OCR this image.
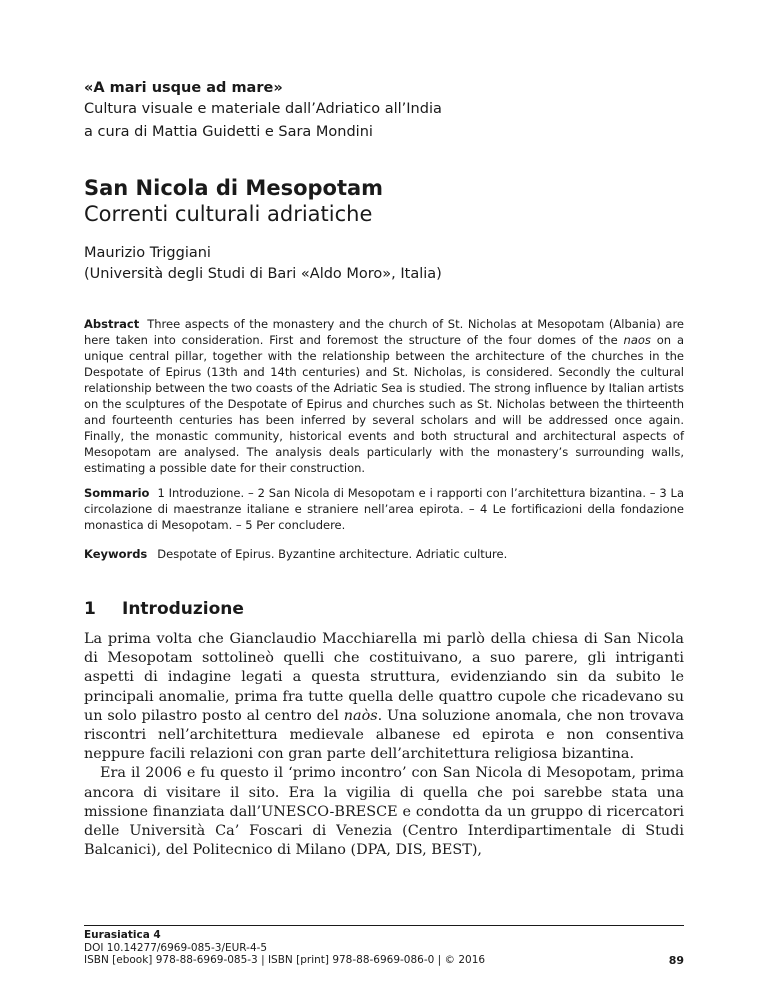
«A mari usque ad mare»
Cultura visuale e materiale dall’Adriatico all’India
a cura di Mattia Guidetti e Sara Mondini
San Nicola di Mesopotam
Correnti culturali adriatiche
Maurizio Triggiani
(Università degli Studi di Bari «Aldo Moro», Italia)
Abstract Three aspects of the monastery and the church of St. Nicholas at Mesopotam (Albania) are here taken into consideration. First and foremost the structure of the four domes of the naos on a unique central pillar, together with the relationship between the architecture of the churches in the Despotate of Epirus (13th and 14th centuries) and St. Nicholas, is considered. Secondly the cultural relationship between the two coasts of the Adriatic Sea is studied. The strong influence by Italian artists on the sculptures of the Despotate of Epirus and churches such as St. Nicholas between the thirteenth and fourteenth centuries has been inferred by several scholars and will be addressed once again. Finally, the monastic community, historical events and both structural and architectural aspects of Mesopotam are analysed. The analysis deals particularly with the monastery’s surrounding walls, estimating a possible date for their construction.
Sommario 1 Introduzione. – 2 San Nicola di Mesopotam e i rapporti con l’architettura bizantina. – 3 La circolazione di maestranze italiane e straniere nell’area epirota. – 4 Le fortificazioni della fondazione monastica di Mesopotam. – 5 Per concludere.
Keywords Despotate of Epirus. Byzantine architecture. Adriatic culture.
1 Introduzione

La prima volta che Gianclaudio Macchiarella mi parlò della chiesa di San Nicola di Mesopotam sottolineò quelli che costituivano, a suo parere, gli intriganti aspetti di indagine legati a questa struttura, evidenziando sin da subito le principali anomalie, prima fra tutte quella delle quattro cupole che ricadevano su un solo pilastro posto al centro del naòs. Una soluzione anomala, che non trovava riscontri nell’architettura medievale albanese ed epirota e non consentiva neppure facili relazioni con gran parte dell’architettura religiosa bizantina.

Era il 2006 e fu questo il ‘primo incontro’ con San Nicola di Mesopotam, prima ancora di visitare il sito. Era la vigilia di quella che poi sarebbe stata una missione finanziata dall’UNESCO-BRESCE e condotta da un gruppo di ricercatori delle Università Ca’ Foscari di Venezia (Centro Interdipartimentale di Studi Balcanici), del Politecnico di Milano (DPA, DIS, BEST),

Eurasiatica 4
DOI 10.14277/6969-085-3/EUR-4-5
ISBN [ebook] 978-88-6969-085-3 | ISBN [print] 978-88-6969-086-0 | © 2016	89
